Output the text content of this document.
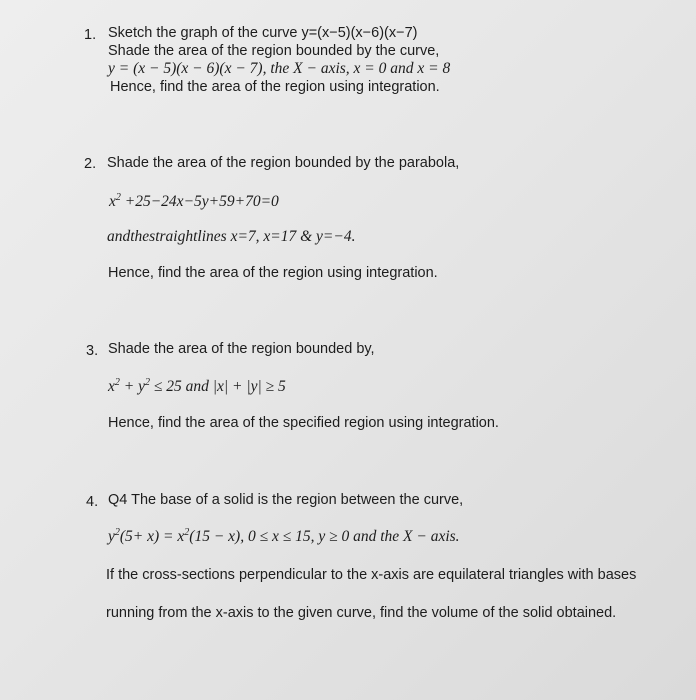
1. Sketch the graph of the curve y=(x−5)(x−6)(x−7)
Shade the area of the region bounded by the curve,
y = (x − 5)(x − 6)(x − 7), the X − axis, x = 0 and x = 8
Hence, find the area of the region using integration.
2. Shade the area of the region bounded by the parabola,
$x^2 +25-24x-5y+59+70=0$
andthestraightlines x=7, x=17 & y=−4.
Hence, find the area of the region using integration.
3. Shade the area of the region bounded by,
$x^2 + y^2 \le 25$ and |x| + |y| ≥ 5
Hence, find the area of the specified region using integration.
4. Q4 The base of a solid is the region between the curve,
$y^2(5+ x) = x^2(15 - x)$, 0 ≤ x ≤ 15, y ≥ 0 and the X − axis.
If the cross-sections perpendicular to the x-axis are equilateral triangles with bases
running from the x-axis to the given curve, find the volume of the solid obtained.
